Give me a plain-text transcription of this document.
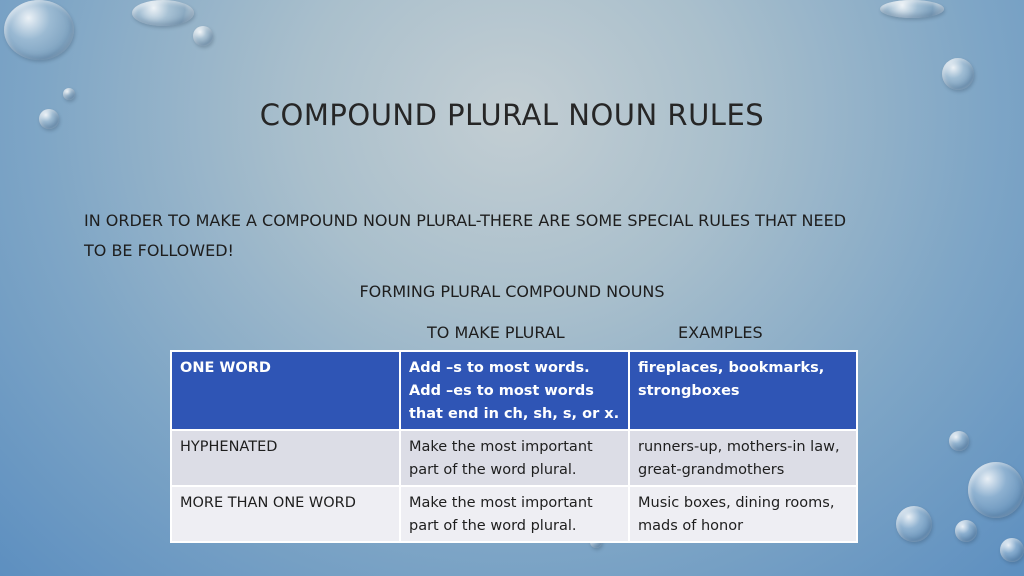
COMPOUND PLURAL NOUN RULES
IN ORDER TO MAKE A COMPOUND NOUN PLURAL-THERE ARE SOME SPECIAL RULES THAT NEED
TO BE FOLLOWED!
FORMING PLURAL COMPOUND NOUNS
TO MAKE PLURAL	EXAMPLES
ONE WORD	Add –s to most words.
Add –es to most words
that end in ch, sh, s, or x.	fireplaces, bookmarks,
strongboxes

HYPHENATED	Make the most important
part of the word plural.	runners-up, mothers-in law,
great-grandmothers

MORE THAN ONE WORD	Make the most important
part of the word plural.	Music boxes, dining rooms,
mads of honor
